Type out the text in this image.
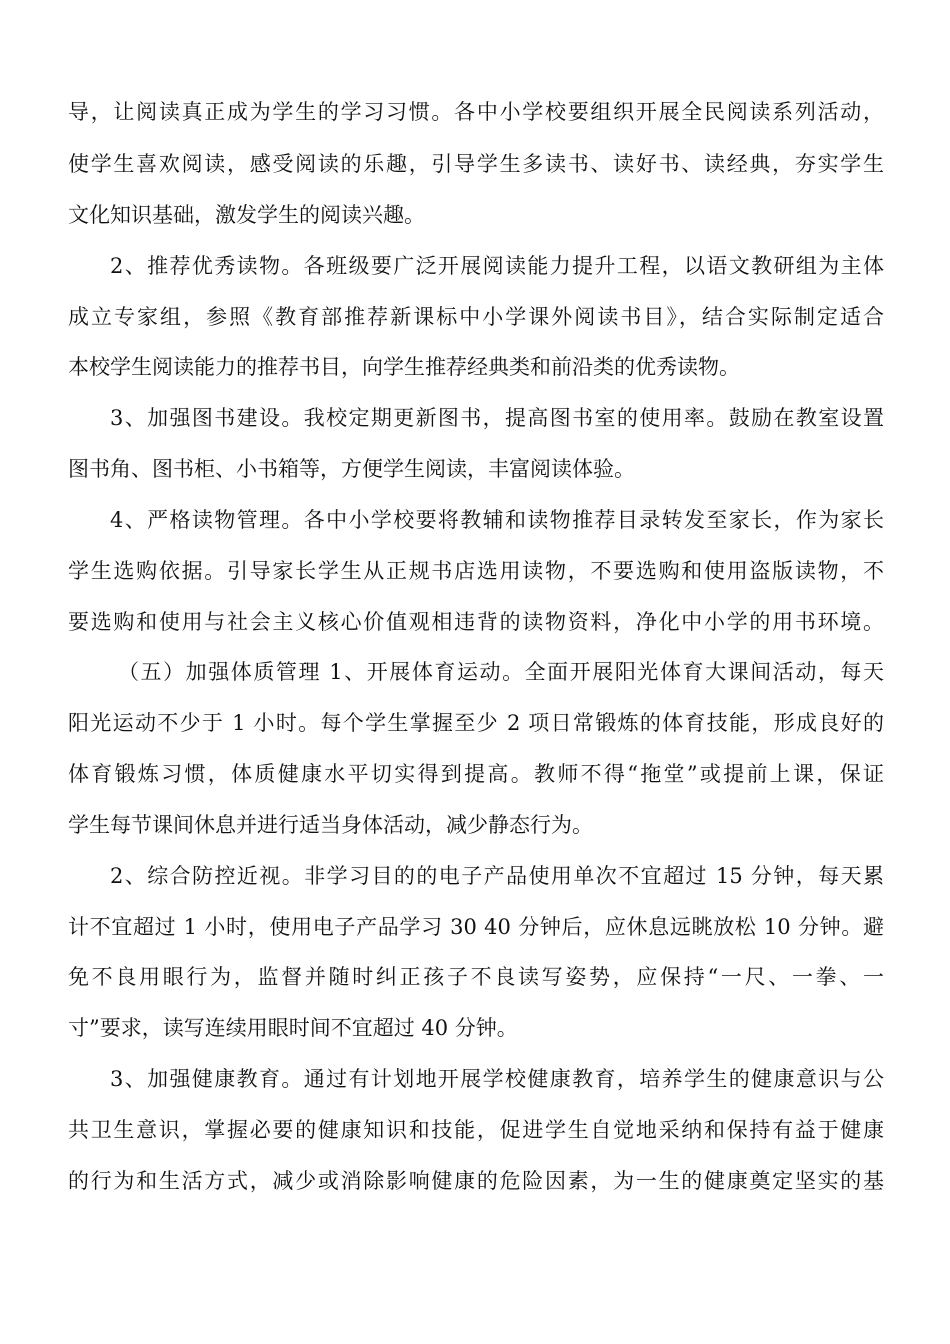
导，让阅读真正成为学生的学习习惯。各中小学校要组织开展全民阅读系列活动，

使学生喜欢阅读，感受阅读的乐趣，引导学生多读书、读好书、读经典，夯实学生

文化知识基础，激发学生的阅读兴趣。

2、推荐优秀读物。各班级要广泛开展阅读能力提升工程，以语文教研组为主体

成立专家组，参照《教育部推荐新课标中小学课外阅读书目》，结合实际制定适合

本校学生阅读能力的推荐书目，向学生推荐经典类和前沿类的优秀读物。

3、加强图书建设。我校定期更新图书，提高图书室的使用率。鼓励在教室设置

图书角、图书柜、小书箱等，方便学生阅读，丰富阅读体验。

4、严格读物管理。各中小学校要将教辅和读物推荐目录转发至家长，作为家长

学生选购依据。引导家长学生从正规书店选用读物，不要选购和使用盗版读物，不

要选购和使用与社会主义核心价值观相违背的读物资料，净化中小学的用书环境。

（五）加强体质管理 1、开展体育运动。全面开展阳光体育大课间活动，每天

阳光运动不少于 1 小时。每个学生掌握至少 2 项日常锻炼的体育技能，形成良好的

体育锻炼习惯，体质健康水平切实得到提高。教师不得“拖堂”或提前上课，保证

学生每节课间休息并进行适当身体活动，减少静态行为。

2、综合防控近视。非学习目的的电子产品使用单次不宜超过 15 分钟，每天累

计不宜超过 1 小时，使用电子产品学习 30 40 分钟后，应休息远眺放松 10 分钟。避

免不良用眼行为，监督并随时纠正孩子不良读写姿势，应保持“一尺、一拳、一

寸”要求，读写连续用眼时间不宜超过 40 分钟。

3、加强健康教育。通过有计划地开展学校健康教育，培养学生的健康意识与公

共卫生意识，掌握必要的健康知识和技能，促进学生自觉地采纳和保持有益于健康

的行为和生活方式，减少或消除影响健康的危险因素，为一生的健康奠定坚实的基
